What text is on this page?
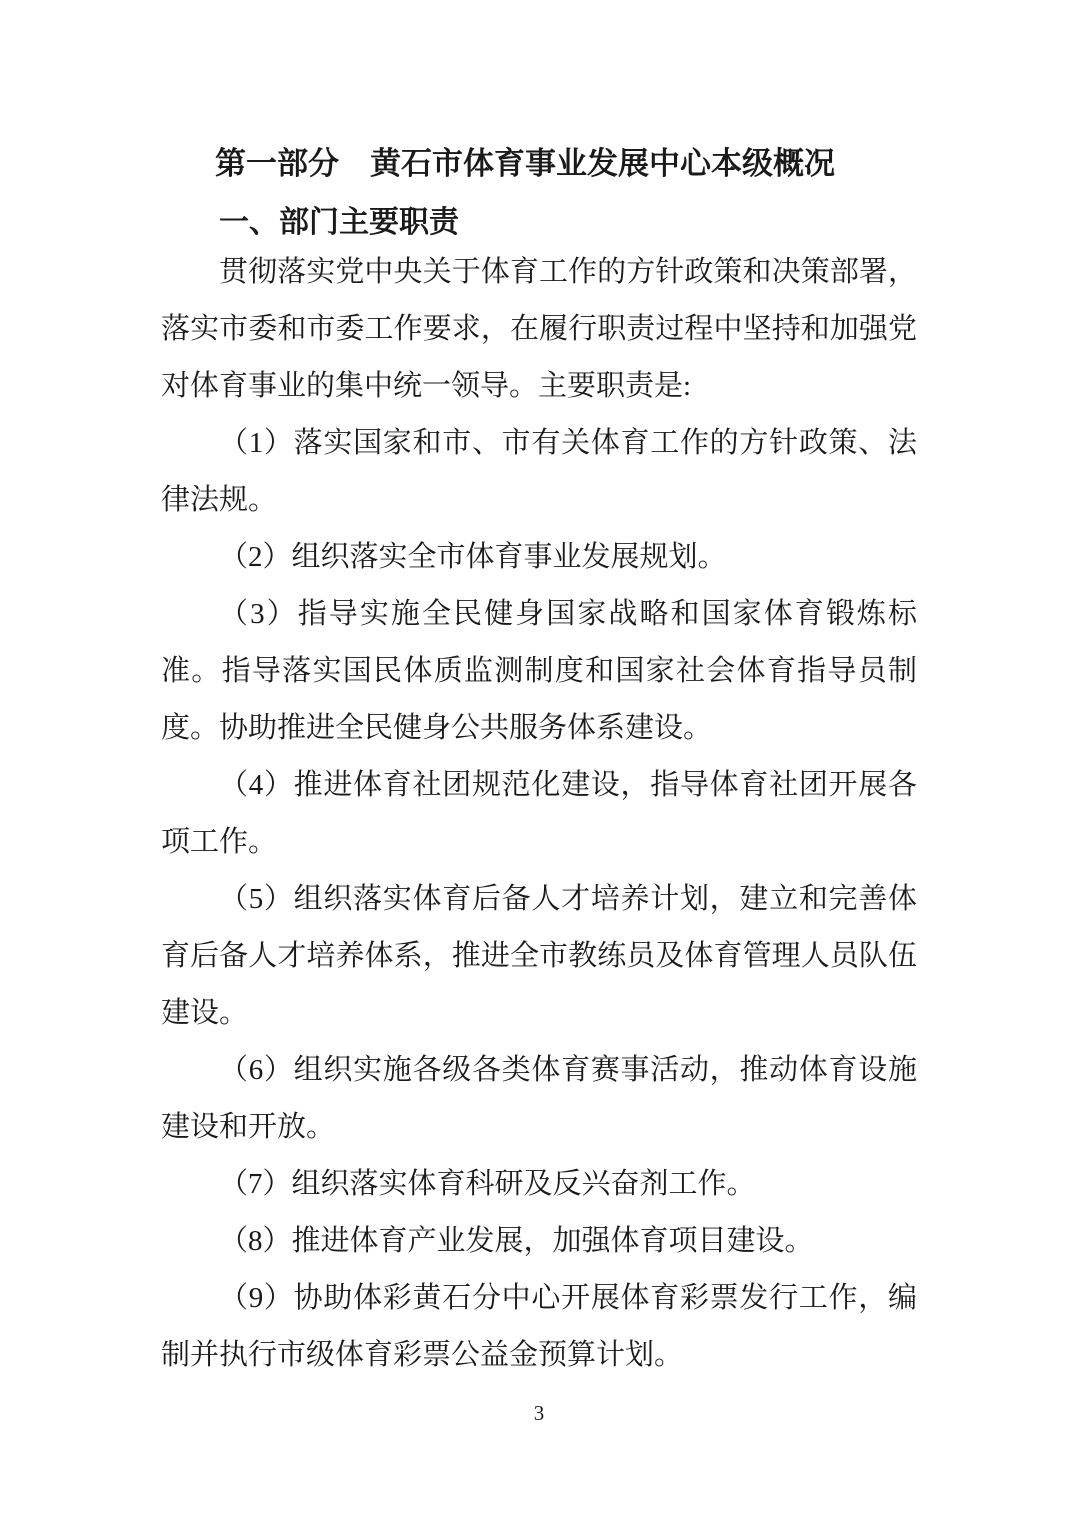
第一部分　黄石市体育事业发展中心本级概况
一、部门主要职责

贯彻落实党中央关于体育工作的方针政策和决策部署，落实市委和市委工作要求，在履行职责过程中坚持和加强党对体育事业的集中统一领导。主要职责是:

（1）落实国家和市、市有关体育工作的方针政策、法律法规。

（2）组织落实全市体育事业发展规划。

（3）指导实施全民健身国家战略和国家体育锻炼标准。指导落实国民体质监测制度和国家社会体育指导员制度。协助推进全民健身公共服务体系建设。

（4）推进体育社团规范化建设，指导体育社团开展各项工作。

（5）组织落实体育后备人才培养计划，建立和完善体育后备人才培养体系，推进全市教练员及体育管理人员队伍建设。

（6）组织实施各级各类体育赛事活动，推动体育设施建设和开放。

（7）组织落实体育科研及反兴奋剂工作。

（8）推进体育产业发展，加强体育项目建设。

（9）协助体彩黄石分中心开展体育彩票发行工作，编制并执行市级体育彩票公益金预算计划。

3
